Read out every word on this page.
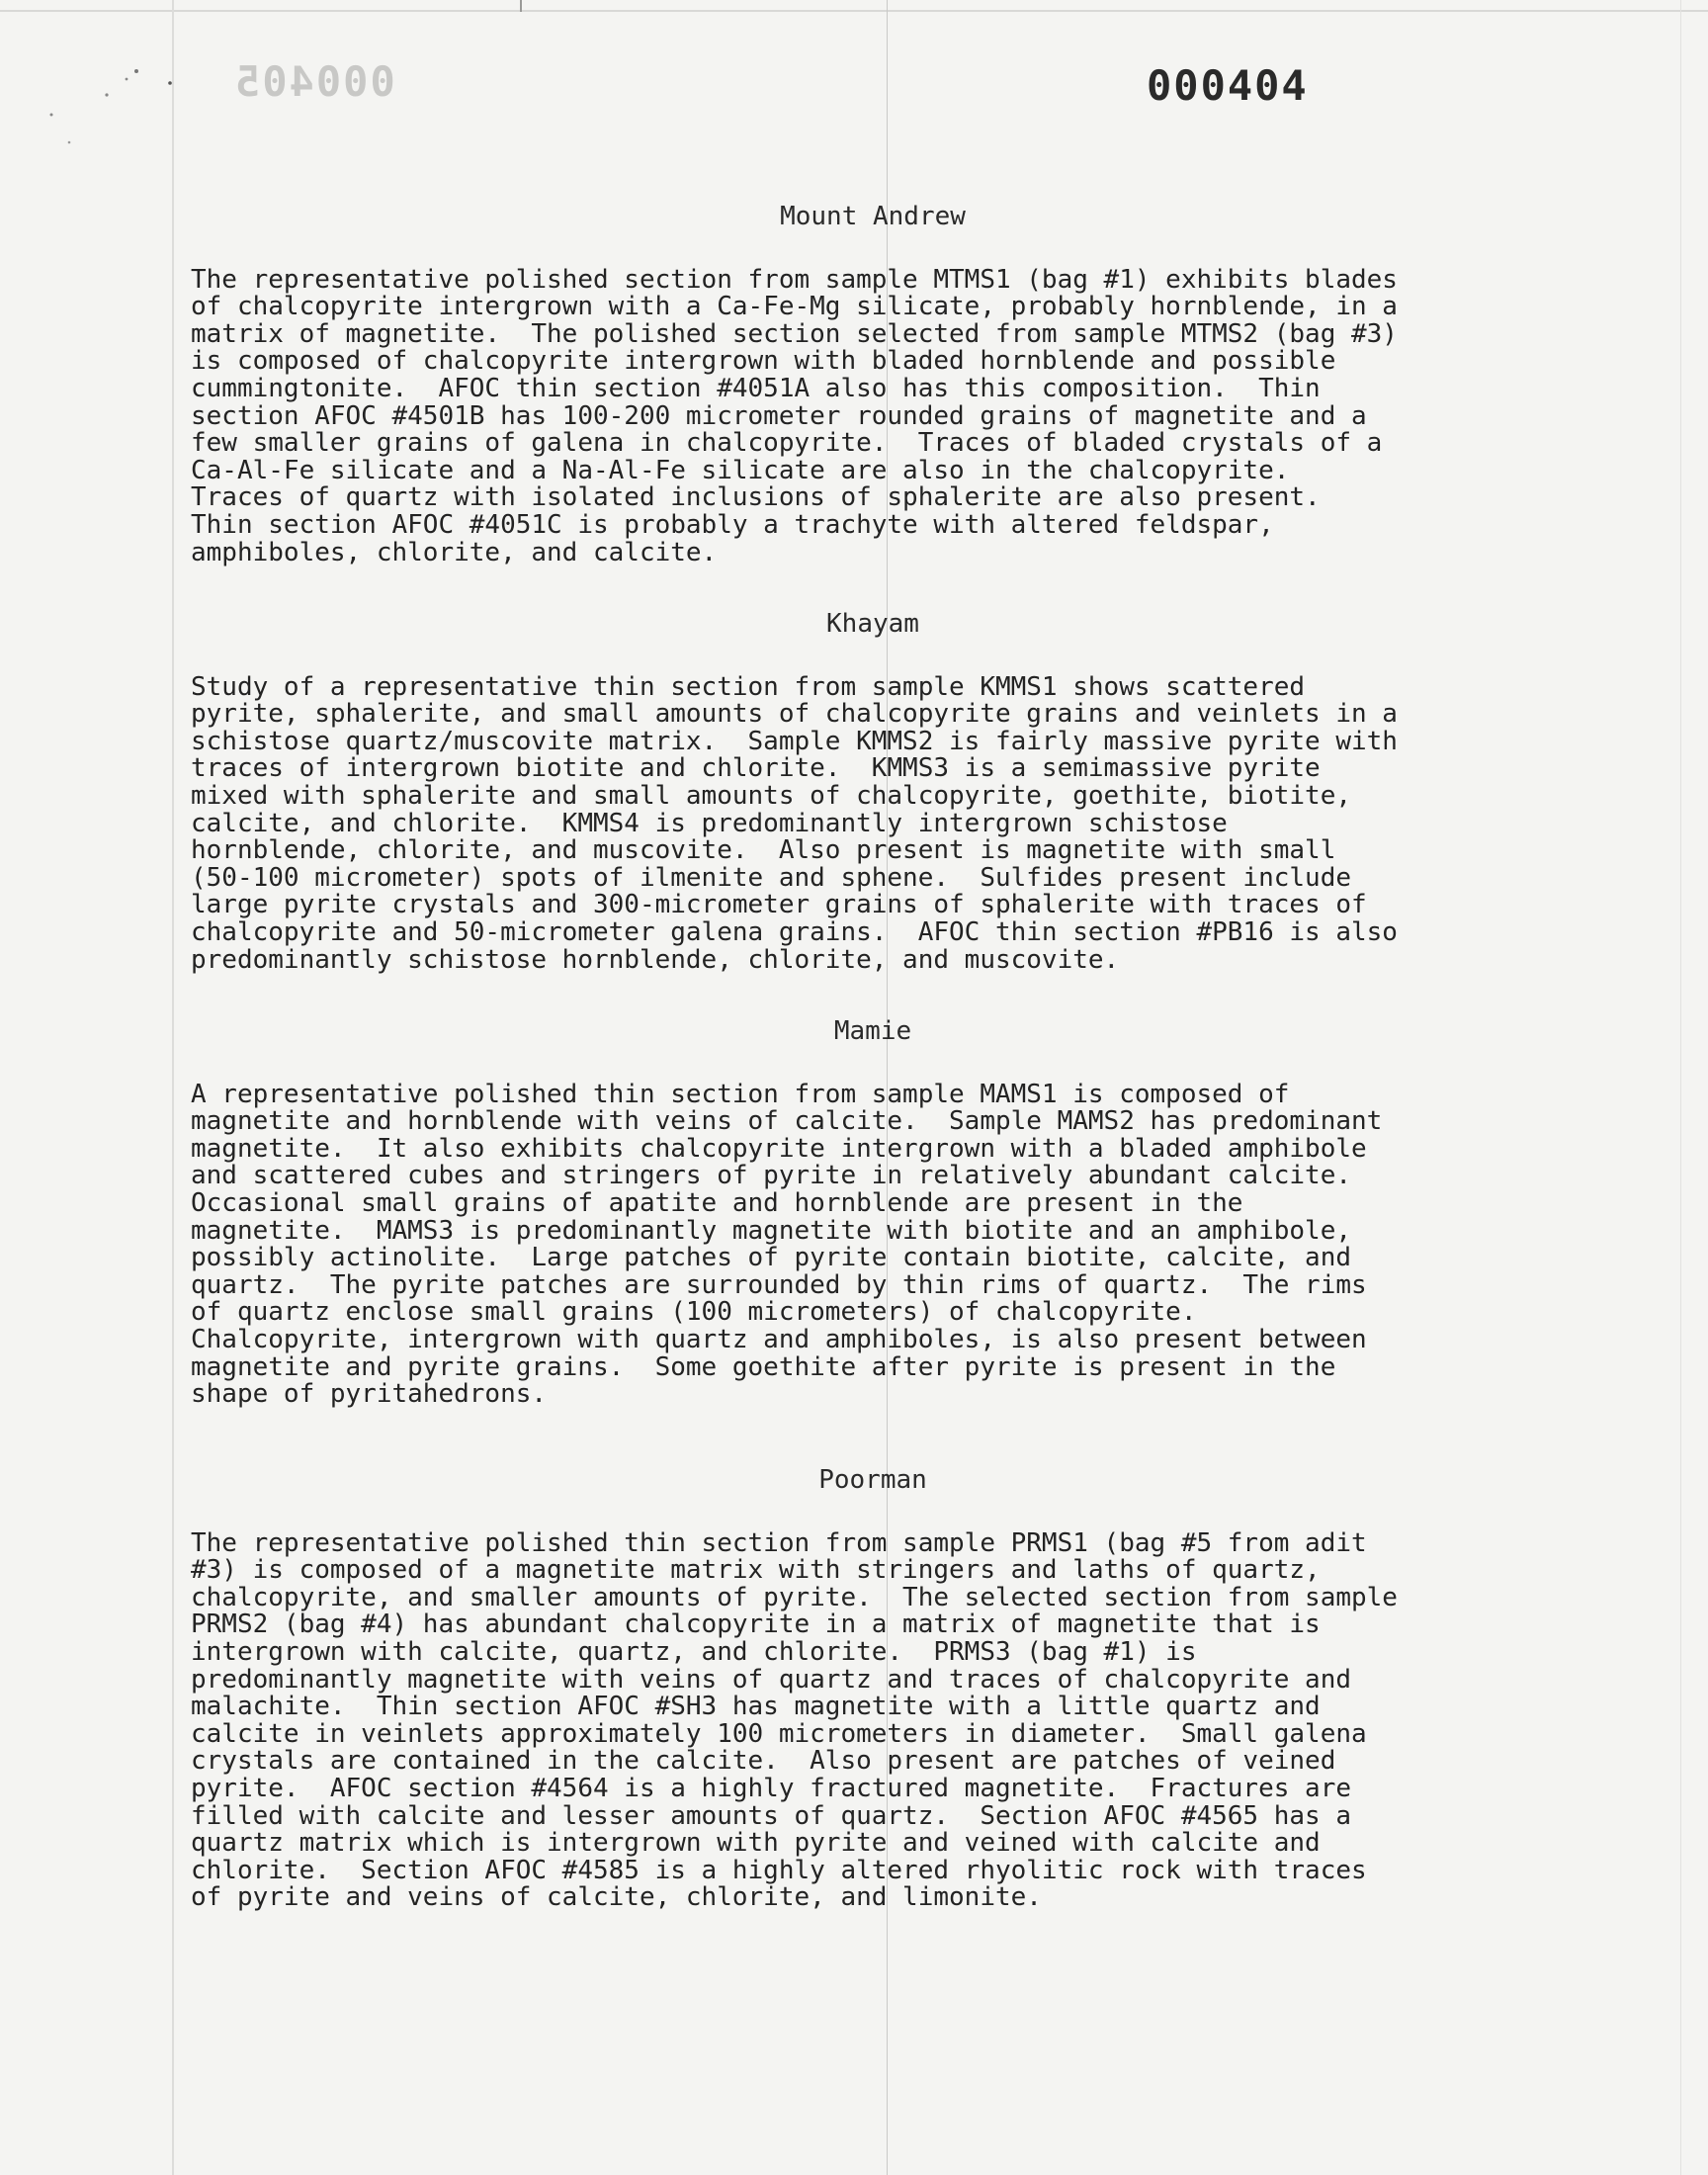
000405	000404

Mount Andrew

The representative polished section from sample MTMS1 (bag #1) exhibits blades
of chalcopyrite intergrown with a Ca-Fe-Mg silicate, probably hornblende, in a
matrix of magnetite.  The polished section selected from sample MTMS2 (bag #3)
is composed of chalcopyrite intergrown with bladed hornblende and possible
cummingtonite.  AFOC thin section #4051A also has this composition.  Thin
section AFOC #4501B has 100-200 micrometer rounded grains of magnetite and a
few smaller grains of galena in chalcopyrite.  Traces of bladed crystals of a
Ca-Al-Fe silicate and a Na-Al-Fe silicate are also in the chalcopyrite.
Traces of quartz with isolated inclusions of sphalerite are also present.
Thin section AFOC #4051C is probably a trachyte with altered feldspar,
amphiboles, chlorite, and calcite.

Khayam

Study of a representative thin section from sample KMMS1 shows scattered
pyrite, sphalerite, and small amounts of chalcopyrite grains and veinlets in a
schistose quartz/muscovite matrix.  Sample KMMS2 is fairly massive pyrite with
traces of intergrown biotite and chlorite.  KMMS3 is a semimassive pyrite
mixed with sphalerite and small amounts of chalcopyrite, goethite, biotite,
calcite, and chlorite.  KMMS4 is predominantly intergrown schistose
hornblende, chlorite, and muscovite.  Also present is magnetite with small
(50-100 micrometer) spots of ilmenite and sphene.  Sulfides present include
large pyrite crystals and 300-micrometer grains of sphalerite with traces of
chalcopyrite and 50-micrometer galena grains.  AFOC thin section #PB16 is also
predominantly schistose hornblende, chlorite, and muscovite.

Mamie

A representative polished thin section from sample MAMS1 is composed of
magnetite and hornblende with veins of calcite.  Sample MAMS2 has predominant
magnetite.  It also exhibits chalcopyrite intergrown with a bladed amphibole
and scattered cubes and stringers of pyrite in relatively abundant calcite.
Occasional small grains of apatite and hornblende are present in the
magnetite.  MAMS3 is predominantly magnetite with biotite and an amphibole,
possibly actinolite.  Large patches of pyrite contain biotite, calcite, and
quartz.  The pyrite patches are surrounded by thin rims of quartz.  The rims
of quartz enclose small grains (100 micrometers) of chalcopyrite.
Chalcopyrite, intergrown with quartz and amphiboles, is also present between
magnetite and pyrite grains.  Some goethite after pyrite is present in the
shape of pyritahedrons.

Poorman

The representative polished thin section from sample PRMS1 (bag #5 from adit
#3) is composed of a magnetite matrix with stringers and laths of quartz,
chalcopyrite, and smaller amounts of pyrite.  The selected section from sample
PRMS2 (bag #4) has abundant chalcopyrite in a matrix of magnetite that is
intergrown with calcite, quartz, and chlorite.  PRMS3 (bag #1) is
predominantly magnetite with veins of quartz and traces of chalcopyrite and
malachite.  Thin section AFOC #SH3 has magnetite with a little quartz and
calcite in veinlets approximately 100 micrometers in diameter.  Small galena
crystals are contained in the calcite.  Also present are patches of veined
pyrite.  AFOC section #4564 is a highly fractured magnetite.  Fractures are
filled with calcite and lesser amounts of quartz.  Section AFOC #4565 has a
quartz matrix which is intergrown with pyrite and veined with calcite and
chlorite.  Section AFOC #4585 is a highly altered rhyolitic rock with traces
of pyrite and veins of calcite, chlorite, and limonite.
